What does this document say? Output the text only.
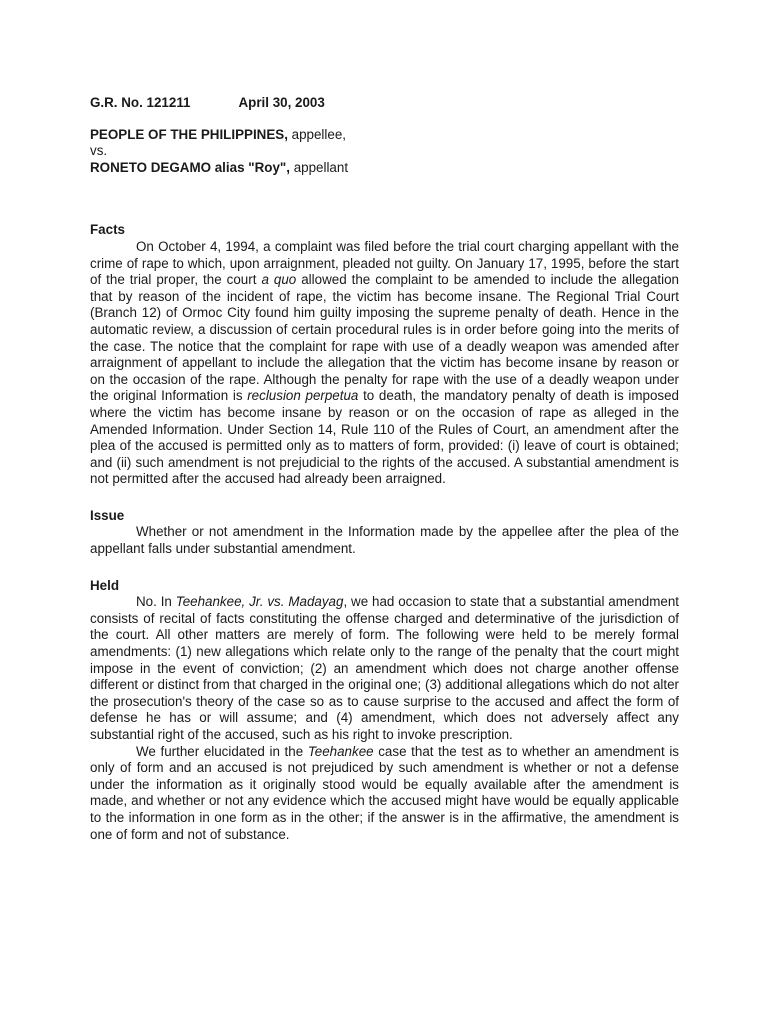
G.R. No. 121211	April 30, 2003

PEOPLE OF THE PHILIPPINES, appellee,

vs.

RONETO DEGAMO alias "Roy", appellant

Facts

On October 4, 1994, a complaint was filed before the trial court charging appellant with the crime of rape to which, upon arraignment, pleaded not guilty. On January 17, 1995, before the start of the trial proper, the court a quo allowed the complaint to be amended to include the allegation that by reason of the incident of rape, the victim has become insane. The Regional Trial Court (Branch 12) of Ormoc City found him guilty imposing the supreme penalty of death. Hence in the automatic review, a discussion of certain procedural rules is in order before going into the merits of the case. The notice that the complaint for rape with use of a deadly weapon was amended after arraignment of appellant to include the allegation that the victim has become insane by reason or on the occasion of the rape. Although the penalty for rape with the use of a deadly weapon under the original Information is reclusion perpetua to death, the mandatory penalty of death is imposed where the victim has become insane by reason or on the occasion of rape as alleged in the Amended Information. Under Section 14, Rule 110 of the Rules of Court, an amendment after the plea of the accused is permitted only as to matters of form, provided: (i) leave of court is obtained; and (ii) such amendment is not prejudicial to the rights of the accused. A substantial amendment is not permitted after the accused had already been arraigned.

Issue

Whether or not amendment in the Information made by the appellee after the plea of the appellant falls under substantial amendment.

Held

No. In Teehankee, Jr. vs. Madayag, we had occasion to state that a substantial amendment consists of recital of facts constituting the offense charged and determinative of the jurisdiction of the court. All other matters are merely of form. The following were held to be merely formal amendments: (1) new allegations which relate only to the range of the penalty that the court might impose in the event of conviction; (2) an amendment which does not charge another offense different or distinct from that charged in the original one; (3) additional allegations which do not alter the prosecution's theory of the case so as to cause surprise to the accused and affect the form of defense he has or will assume; and (4) amendment, which does not adversely affect any substantial right of the accused, such as his right to invoke prescription.

We further elucidated in the Teehankee case that the test as to whether an amendment is only of form and an accused is not prejudiced by such amendment is whether or not a defense under the information as it originally stood would be equally available after the amendment is made, and whether or not any evidence which the accused might have would be equally applicable to the information in one form as in the other; if the answer is in the affirmative, the amendment is one of form and not of substance.
